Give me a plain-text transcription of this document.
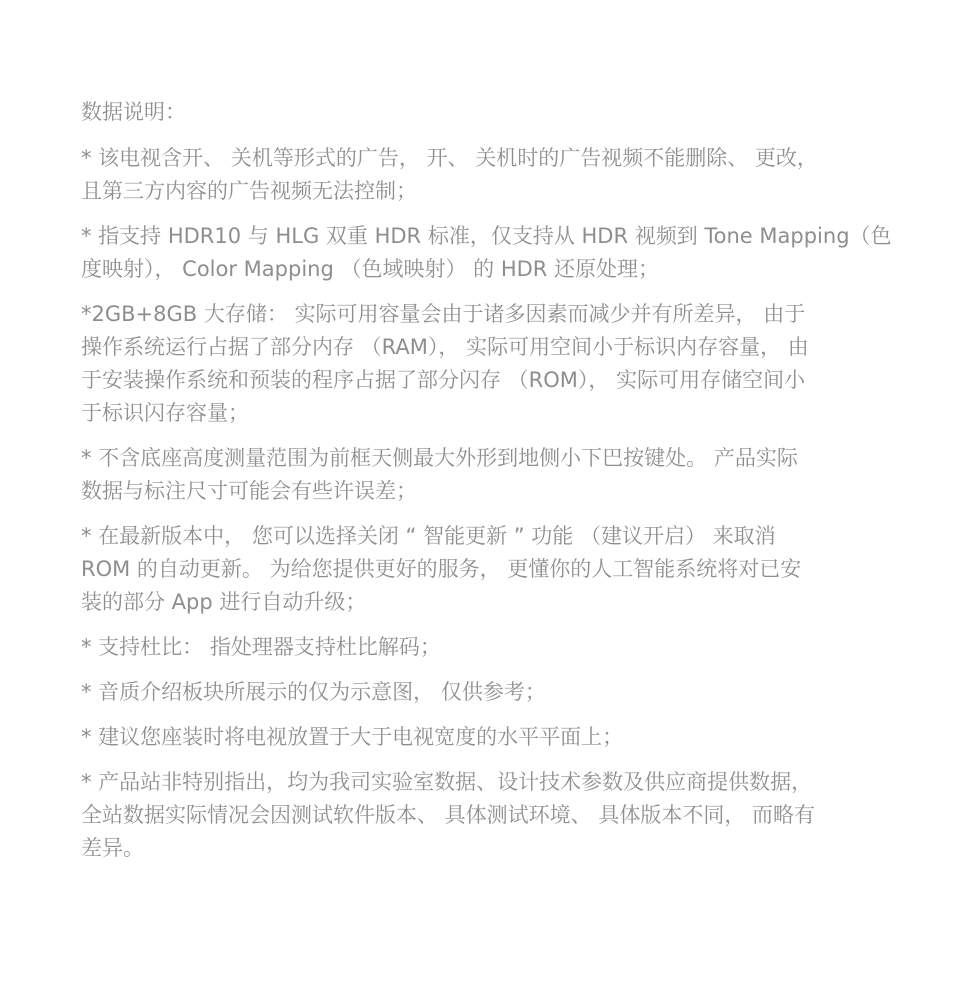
数据说明：
* 该电视含开、 关机等形式的广告， 开、 关机时的广告视频不能删除、 更改，
且第三方内容的广告视频无法控制；
* 指支持 HDR10 与 HLG 双重 HDR 标准，仅支持从 HDR 视频到 Tone Mapping（色
度映射）， Color Mapping （色域映射） 的 HDR 还原处理；
*2GB+8GB 大存储： 实际可用容量会由于诸多因素而减少并有所差异， 由于
操作系统运行占据了部分内存 （RAM）， 实际可用空间小于标识内存容量， 由
于安装操作系统和预装的程序占据了部分闪存 （ROM）， 实际可用存储空间小
于标识闪存容量；
* 不含底座高度测量范围为前框天侧最大外形到地侧小下巴按键处。 产品实际
数据与标注尺寸可能会有些许误差；
* 在最新版本中， 您可以选择关闭 “ 智能更新 ” 功能 （建议开启） 来取消
ROM 的自动更新。 为给您提供更好的服务， 更懂你的人工智能系统将对已安
装的部分 App 进行自动升级；
* 支持杜比： 指处理器支持杜比解码；
* 音质介绍板块所展示的仅为示意图， 仅供参考；
* 建议您座装时将电视放置于大于电视宽度的水平平面上；
* 产品站非特别指出，均为我司实验室数据、设计技术参数及供应商提供数据，
全站数据实际情况会因测试软件版本、 具体测试环境、 具体版本不同， 而略有
差异。
